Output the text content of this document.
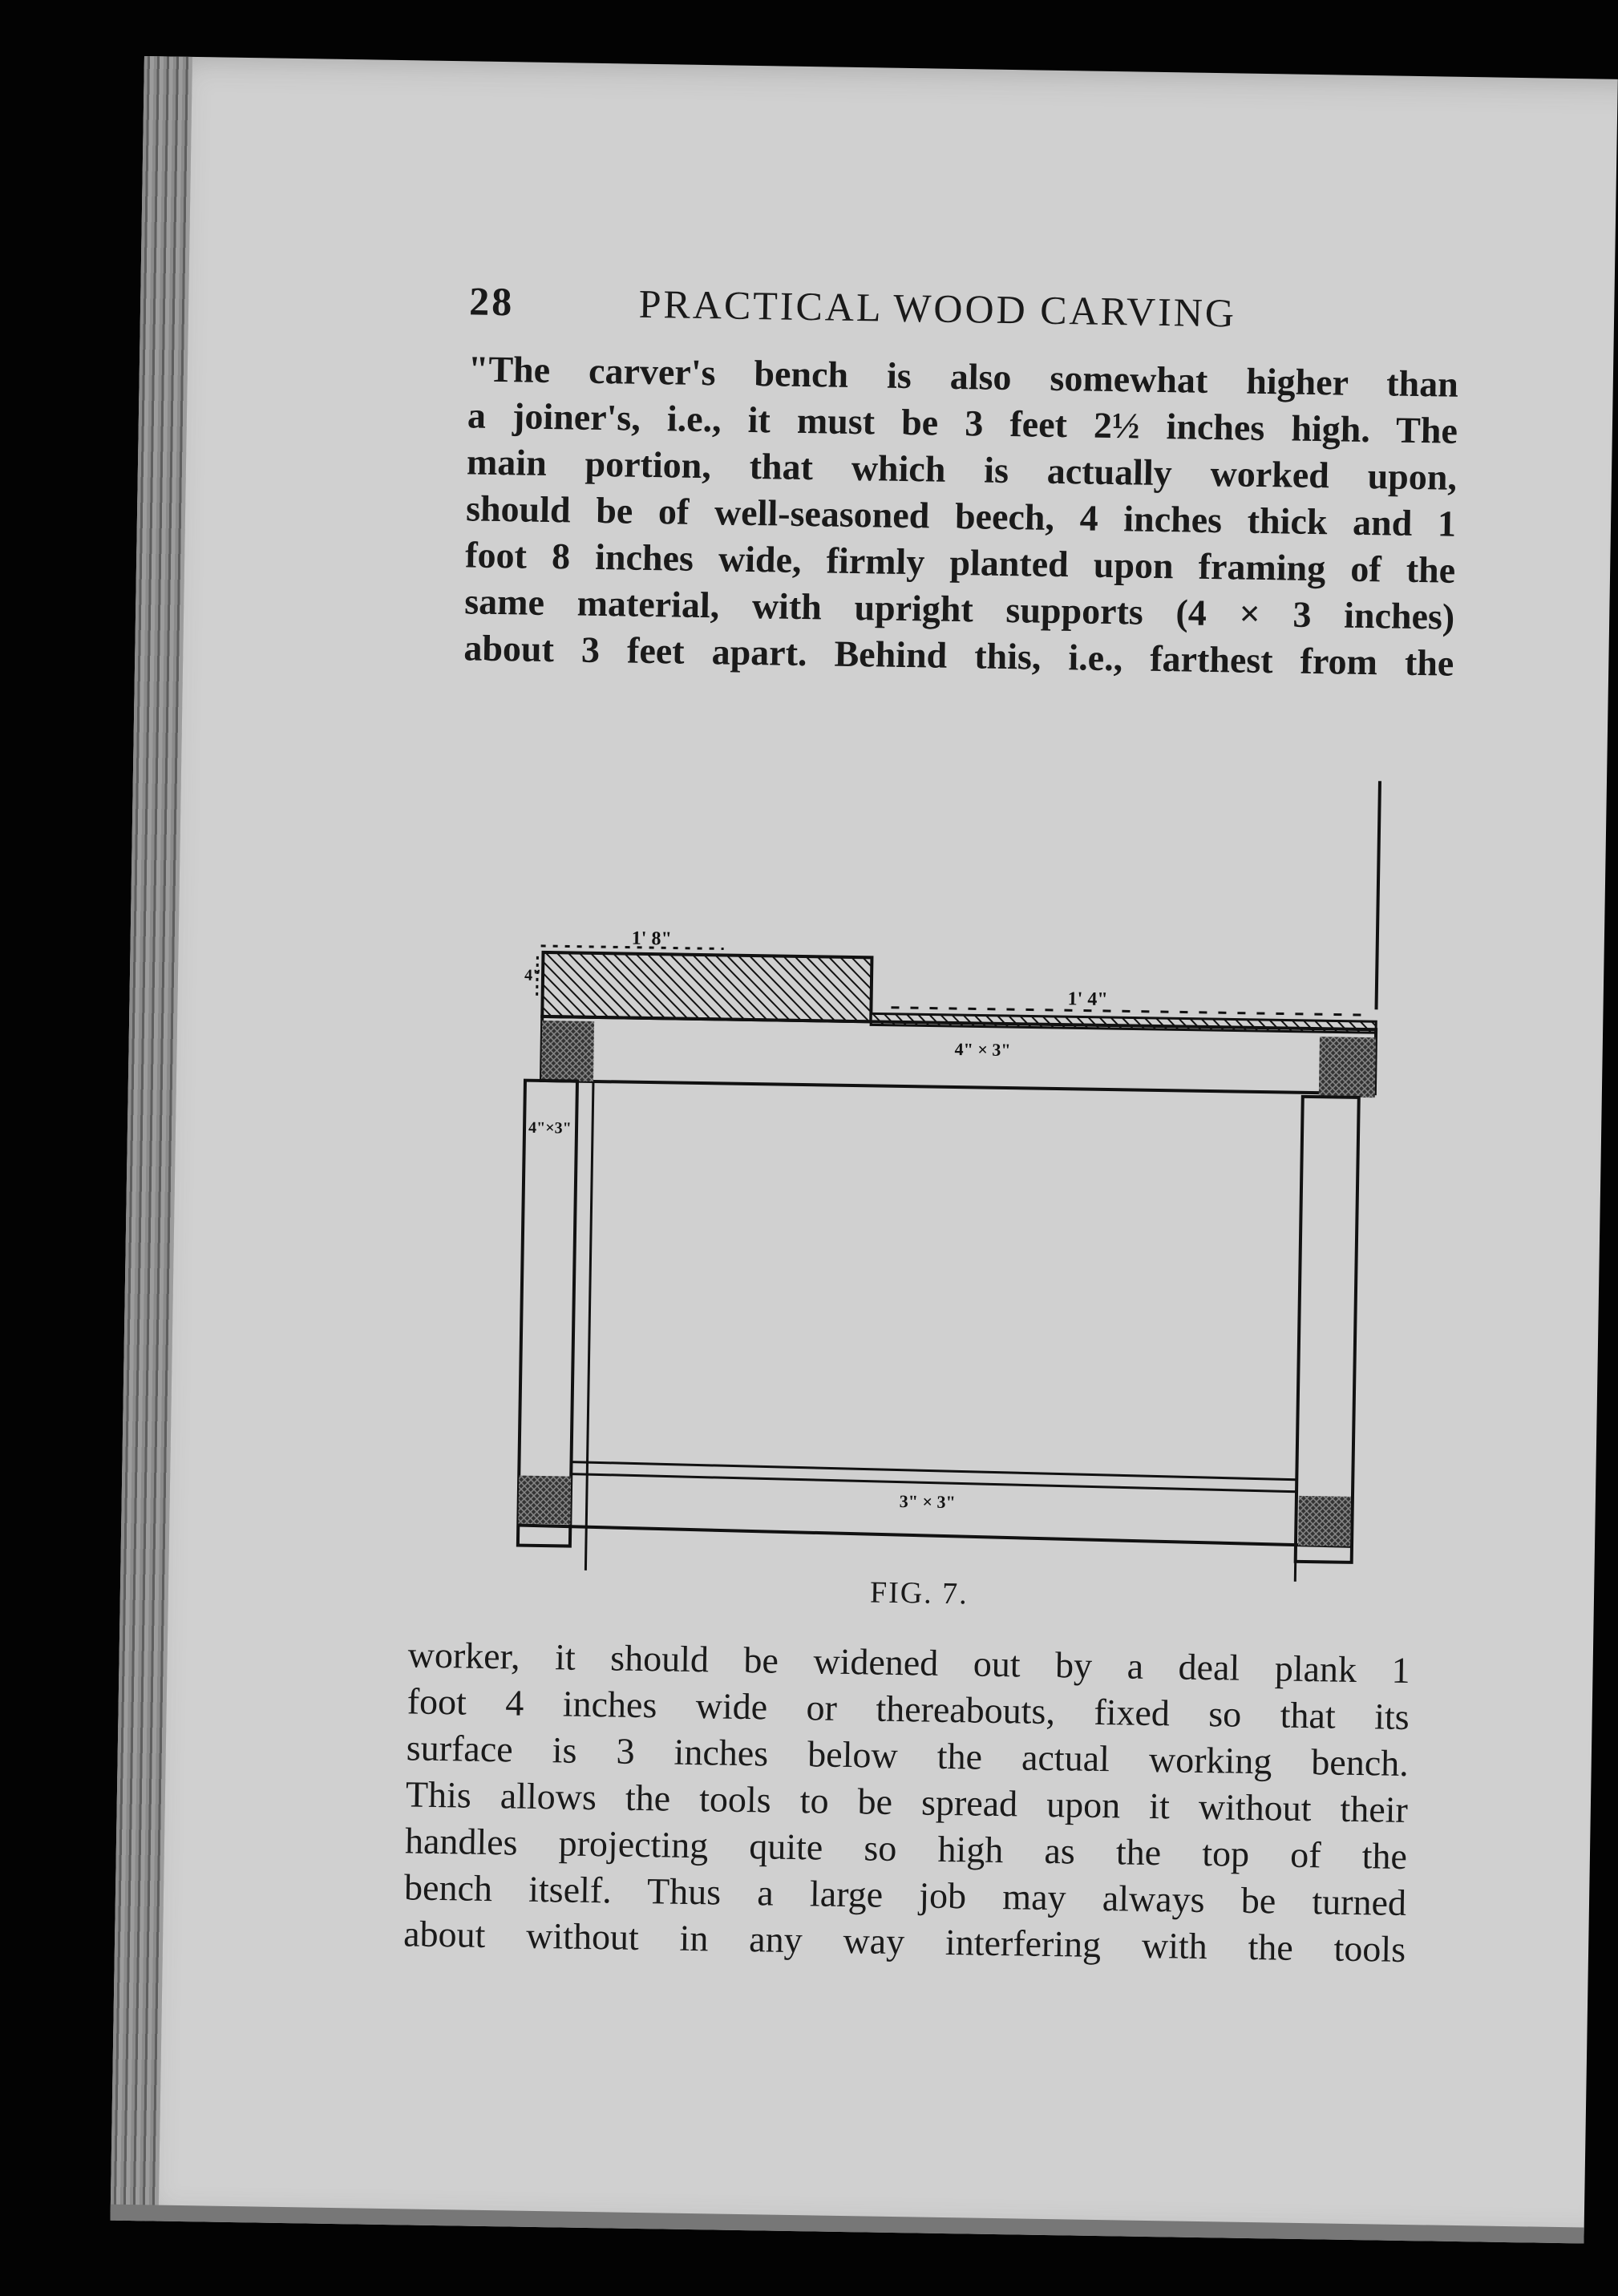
28	PRACTICAL WOOD CARVING
"The carver's bench is also somewhat higher than
a joiner's, i.e., it must be 3 feet 2½ inches high. The
main portion, that which is actually worked upon,
should be of well-seasoned beech, 4 inches thick and 1
foot 8 inches wide, firmly planted upon framing of the
same material, with upright supports (4 × 3 inches)
about 3 feet apart. Behind this, i.e., farthest from the
1' 8"
4"
1' 4"
4" × 3"
4"×3"
3" × 3"
FIG. 7.
worker, it should be widened out by a deal plank 1
foot 4 inches wide or thereabouts, fixed so that its
surface is 3 inches below the actual working bench.
This allows the tools to be spread upon it without their
handles projecting quite so high as the top of the
bench itself. Thus a large job may always be turned
about without in any way interfering with the tools
